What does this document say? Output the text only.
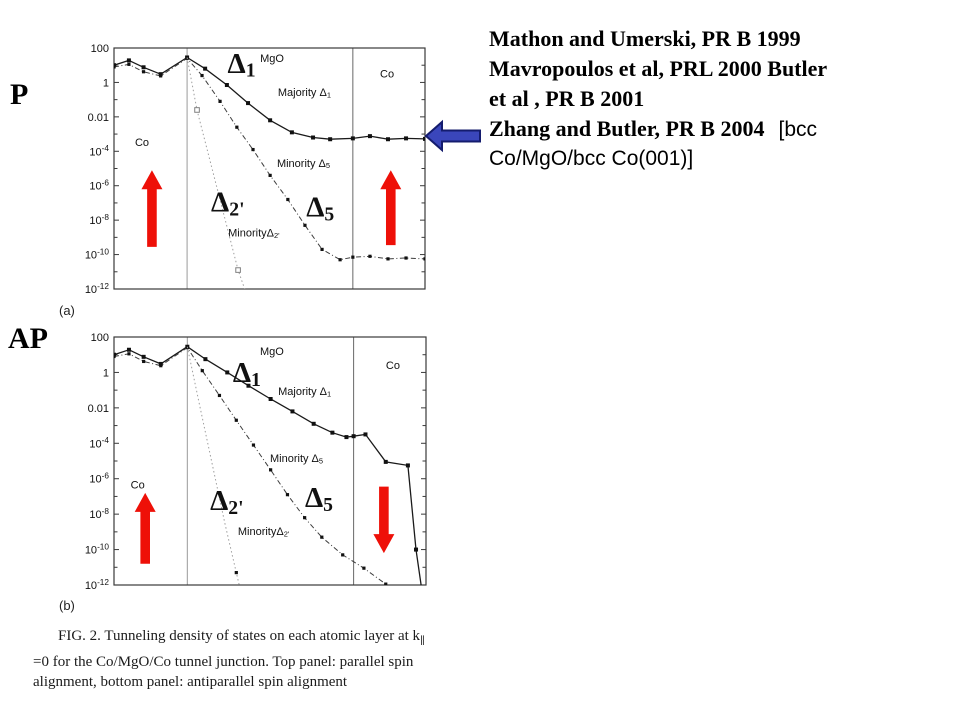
P
AP
100
1
0.01
$10^{-4}$
$10^{-6}$
$10^{-8}$
$10^{-10}$
$10^{-12}$
MgO
Co
Co
Majority Δ1
Minority Δ5
MinorityΔ2'
Δ1
Δ2' Δ5
(a)
100
1
0.01
$10^{-4}$
$10^{-6}$
$10^{-8}$
$10^{-10}$
$10^{-12}$
MgO
Co
Co
Majority Δ1
Minority Δ5
MinorityΔ2'
Δ1
Δ2' Δ5
(b)
Mathon and Umerski, PR B 1999
Mavropoulos et al, PRL 2000 Butler
et al , PR B 2001
Zhang and Butler, PR B 2004 [bcc
Co/MgO/bcc Co(001)]
FIG. 2. Tunneling density of states on each atomic layer at $k_\parallel$
=0 for the Co/MgO/Co tunnel junction. Top panel: parallel spin
alignment, bottom panel: antiparallel spin alignment
